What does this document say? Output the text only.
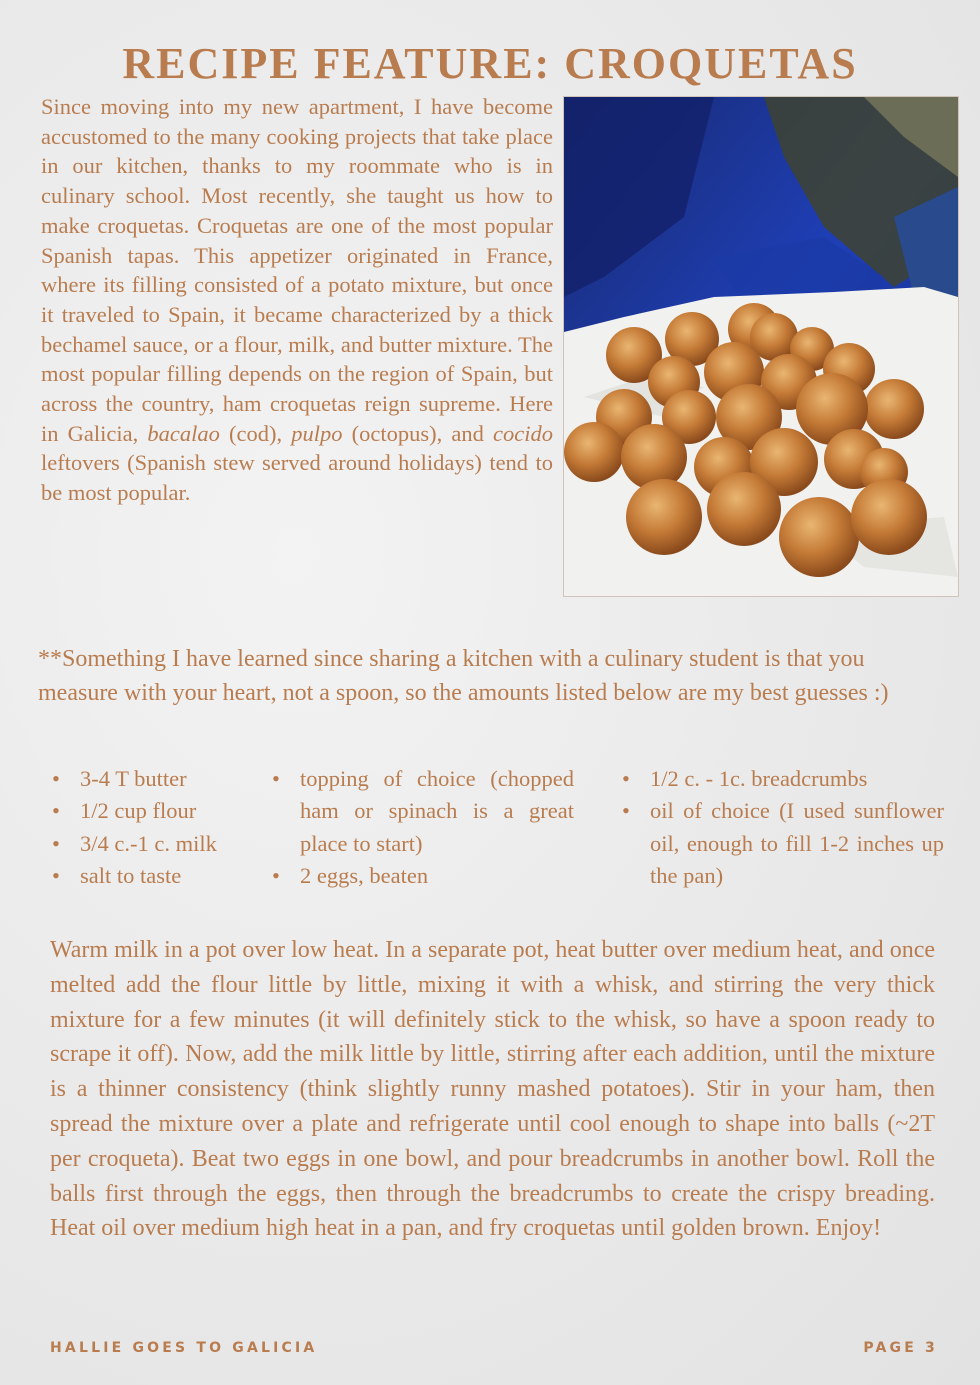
RECIPE FEATURE: CROQUETAS

Since moving into my new apartment, I have become accustomed to the many cooking projects that take place in our kitchen, thanks to my roommate who is in culinary school. Most recently, she taught us how to make croquetas. Croquetas are one of the most popular Spanish tapas. This appetizer originated in France, where its filling consisted of a potato mixture, but once it traveled to Spain, it became characterized by a thick bechamel sauce, or a flour, milk, and butter mixture. The most popular filling depends on the region of Spain, but across the country, ham croquetas reign supreme. Here in Galicia, bacalao (cod), pulpo (octopus), and cocido leftovers (Spanish stew served around holidays) tend to be most popular.

**Something I have learned since sharing a kitchen with a culinary student is that you measure with your heart, not a spoon, so the amounts listed below are my best guesses :)

• 3-4 T butter
• 1/2 cup flour
• 3/4 c.-1 c. milk
• salt to taste
• topping of choice (chopped ham or spinach is a great place to start)
• 2 eggs, beaten
• 1/2 c. - 1c. breadcrumbs
• oil of choice (I used sunflower oil, enough to fill 1-2 inches up the pan)

Warm milk in a pot over low heat. In a separate pot, heat butter over medium heat, and once melted add the flour little by little, mixing it with a whisk, and stirring the very thick mixture for a few minutes (it will definitely stick to the whisk, so have a spoon ready to scrape it off). Now, add the milk little by little, stirring after each addition, until the mixture is a thinner consistency (think slightly runny mashed potatoes). Stir in your ham, then spread the mixture over a plate and refrigerate until cool enough to shape into balls (~2T per croqueta). Beat two eggs in one bowl, and pour breadcrumbs in another bowl. Roll the balls first through the eggs, then through the breadcrumbs to create the crispy breading. Heat oil over medium high heat in a pan, and fry croquetas until golden brown. Enjoy!

HALLIE GOES TO GALICIA	PAGE 3
